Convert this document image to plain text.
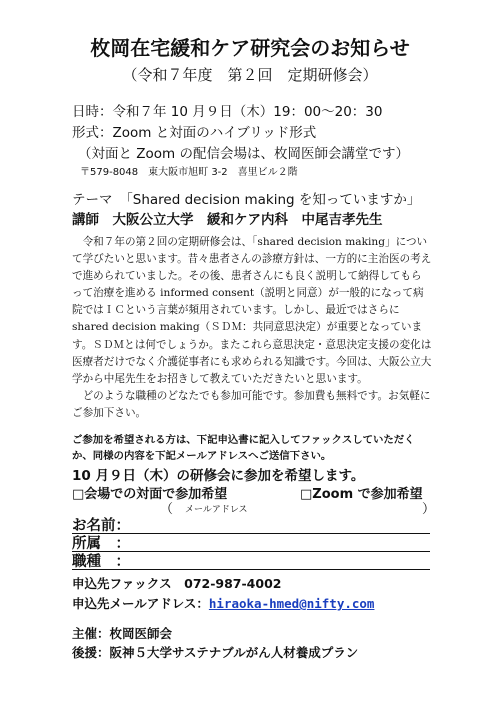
枚岡在宅緩和ケア研究会のお知らせ
（令和７年度　第２回　定期研修会）
日時：令和７年 10 月９日（木）19：00〜20：30
形式：Zoom と対面のハイブリッド形式
（対面と Zoom の配信会場は、枚岡医師会講堂です）
〒579-8048　東大阪市旭町 3-2　喜里ビル２階
テーマ　「Shared decision making を知っていますか」
講師　大阪公立大学　緩和ケア内科　中尾吉孝先生

令和７年の第２回の定期研修会は、「shared decision making」について学びたいと思います。昔々患者さんの診療方針は、一方的に主治医の考えで進められていました。その後、患者さんにも良く説明して納得してもらって治療を進める informed consent（説明と同意）が一般的になって病院ではＩＣという言葉が頻用されています。しかし、最近ではさらに shared decision making（ＳＤＭ：共同意思決定）が重要となっています。ＳＤＭとは何でしょうか。またこれら意思決定・意思決定支援の変化は医療者だけでなく介護従事者にも求められる知識です。今回は、大阪公立大学から中尾先生をお招きして教えていただきたいと思います。

どのような職種のどなたでも参加可能です。参加費も無料です。お気軽にご参加下さい。

ご参加を希望される方は、下記申込書に記入してファックスしていただくか、同様の内容を下記メールアドレスへご送信下さい。
10 月９日（木）の研修会に参加を希望します。
□会場での対面で参加希望	□Zoom で参加希望
（ メールアドレス	）
お名前：
所属　：
職種　：
申込先ファックス　072-987-4002
申込先メールアドレス：hiraoka-hmed@nifty.com
主催：枚岡医師会
後援：阪神５大学サステナブルがん人材養成プラン
